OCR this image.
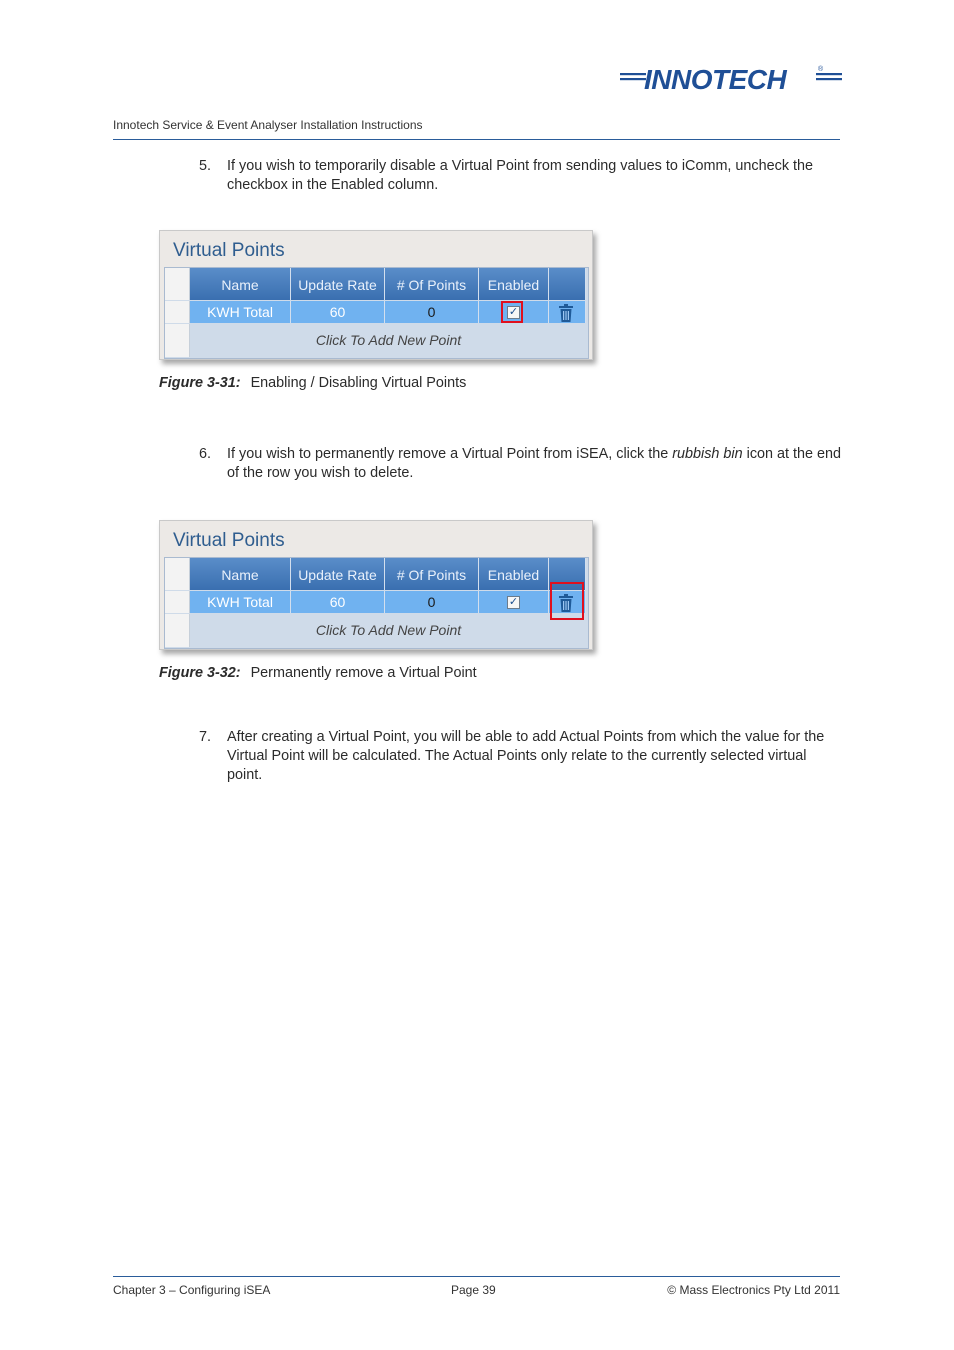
INNOTECH	®
Innotech Service & Event Analyser Installation Instructions
5. If you wish to temporarily disable a Virtual Point from sending values to iComm, uncheck the checkbox in the Enabled column.
Virtual Points
Name	Update Rate	# Of Points	Enabled
KWH Total	60	0	✓
Click To Add New Point
Figure 3-31: Enabling / Disabling Virtual Points
6. If you wish to permanently remove a Virtual Point from iSEA, click the rubbish bin icon at the end of the row you wish to delete.
Virtual Points
Name	Update Rate	# Of Points	Enabled
KWH Total	60	0	✓
Click To Add New Point
Figure 3-32: Permanently remove a Virtual Point
7. After creating a Virtual Point, you will be able to add Actual Points from which the value for the Virtual Point will be calculated. The Actual Points only relate to the currently selected virtual point.
Chapter 3 – Configuring iSEA	Page 39	© Mass Electronics Pty Ltd 2011
